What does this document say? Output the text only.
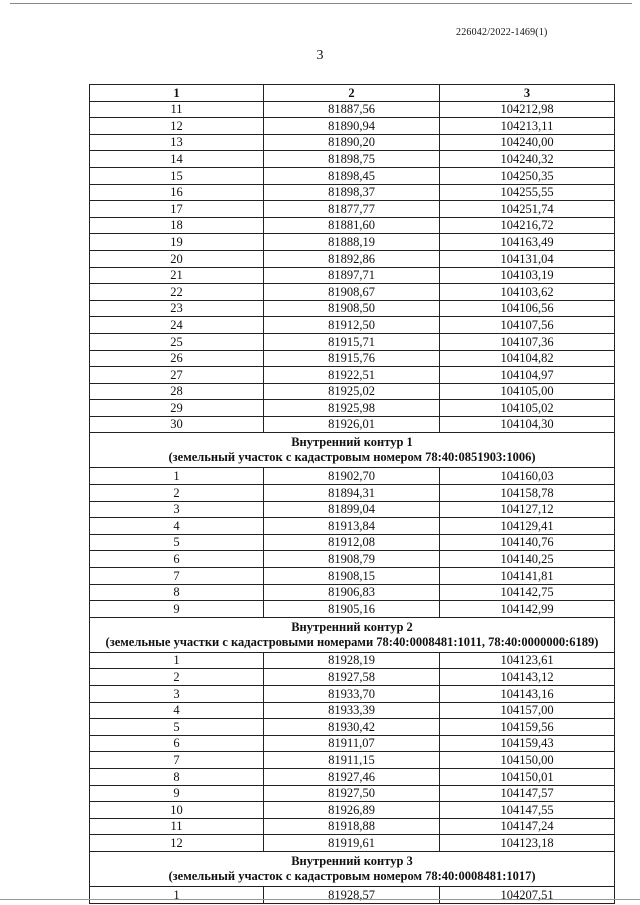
226042/2022-1469(1)
3
1	2	3
11	81887,56	104212,98
12	81890,94	104213,11
13	81890,20	104240,00
14	81898,75	104240,32
15	81898,45	104250,35
16	81898,37	104255,55
17	81877,77	104251,74
18	81881,60	104216,72
19	81888,19	104163,49
20	81892,86	104131,04
21	81897,71	104103,19
22	81908,67	104103,62
23	81908,50	104106,56
24	81912,50	104107,56
25	81915,71	104107,36
26	81915,76	104104,82
27	81922,51	104104,97
28	81925,02	104105,00
29	81925,98	104105,02
30	81926,01	104104,30

Внутренний контур 1
(земельный участок с кадастровым номером 78:40:0851903:1006)		

1	81902,70	104160,03
2	81894,31	104158,78
3	81899,04	104127,12
4	81913,84	104129,41
5	81912,08	104140,76
6	81908,79	104140,25
7	81908,15	104141,81
8	81906,83	104142,75
9	81905,16	104142,99

Внутренний контур 2
(земельные участки с кадастровыми номерами 78:40:0008481:1011, 78:40:0000000:6189)		

1	81928,19	104123,61
2	81927,58	104143,12
3	81933,70	104143,16
4	81933,39	104157,00
5	81930,42	104159,56
6	81911,07	104159,43
7	81911,15	104150,00
8	81927,46	104150,01
9	81927,50	104147,57
10	81926,89	104147,55
11	81918,88	104147,24
12	81919,61	104123,18

Внутренний контур 3
(земельный участок с кадастровым номером 78:40:0008481:1017)		

1	81928,57	104207,51
